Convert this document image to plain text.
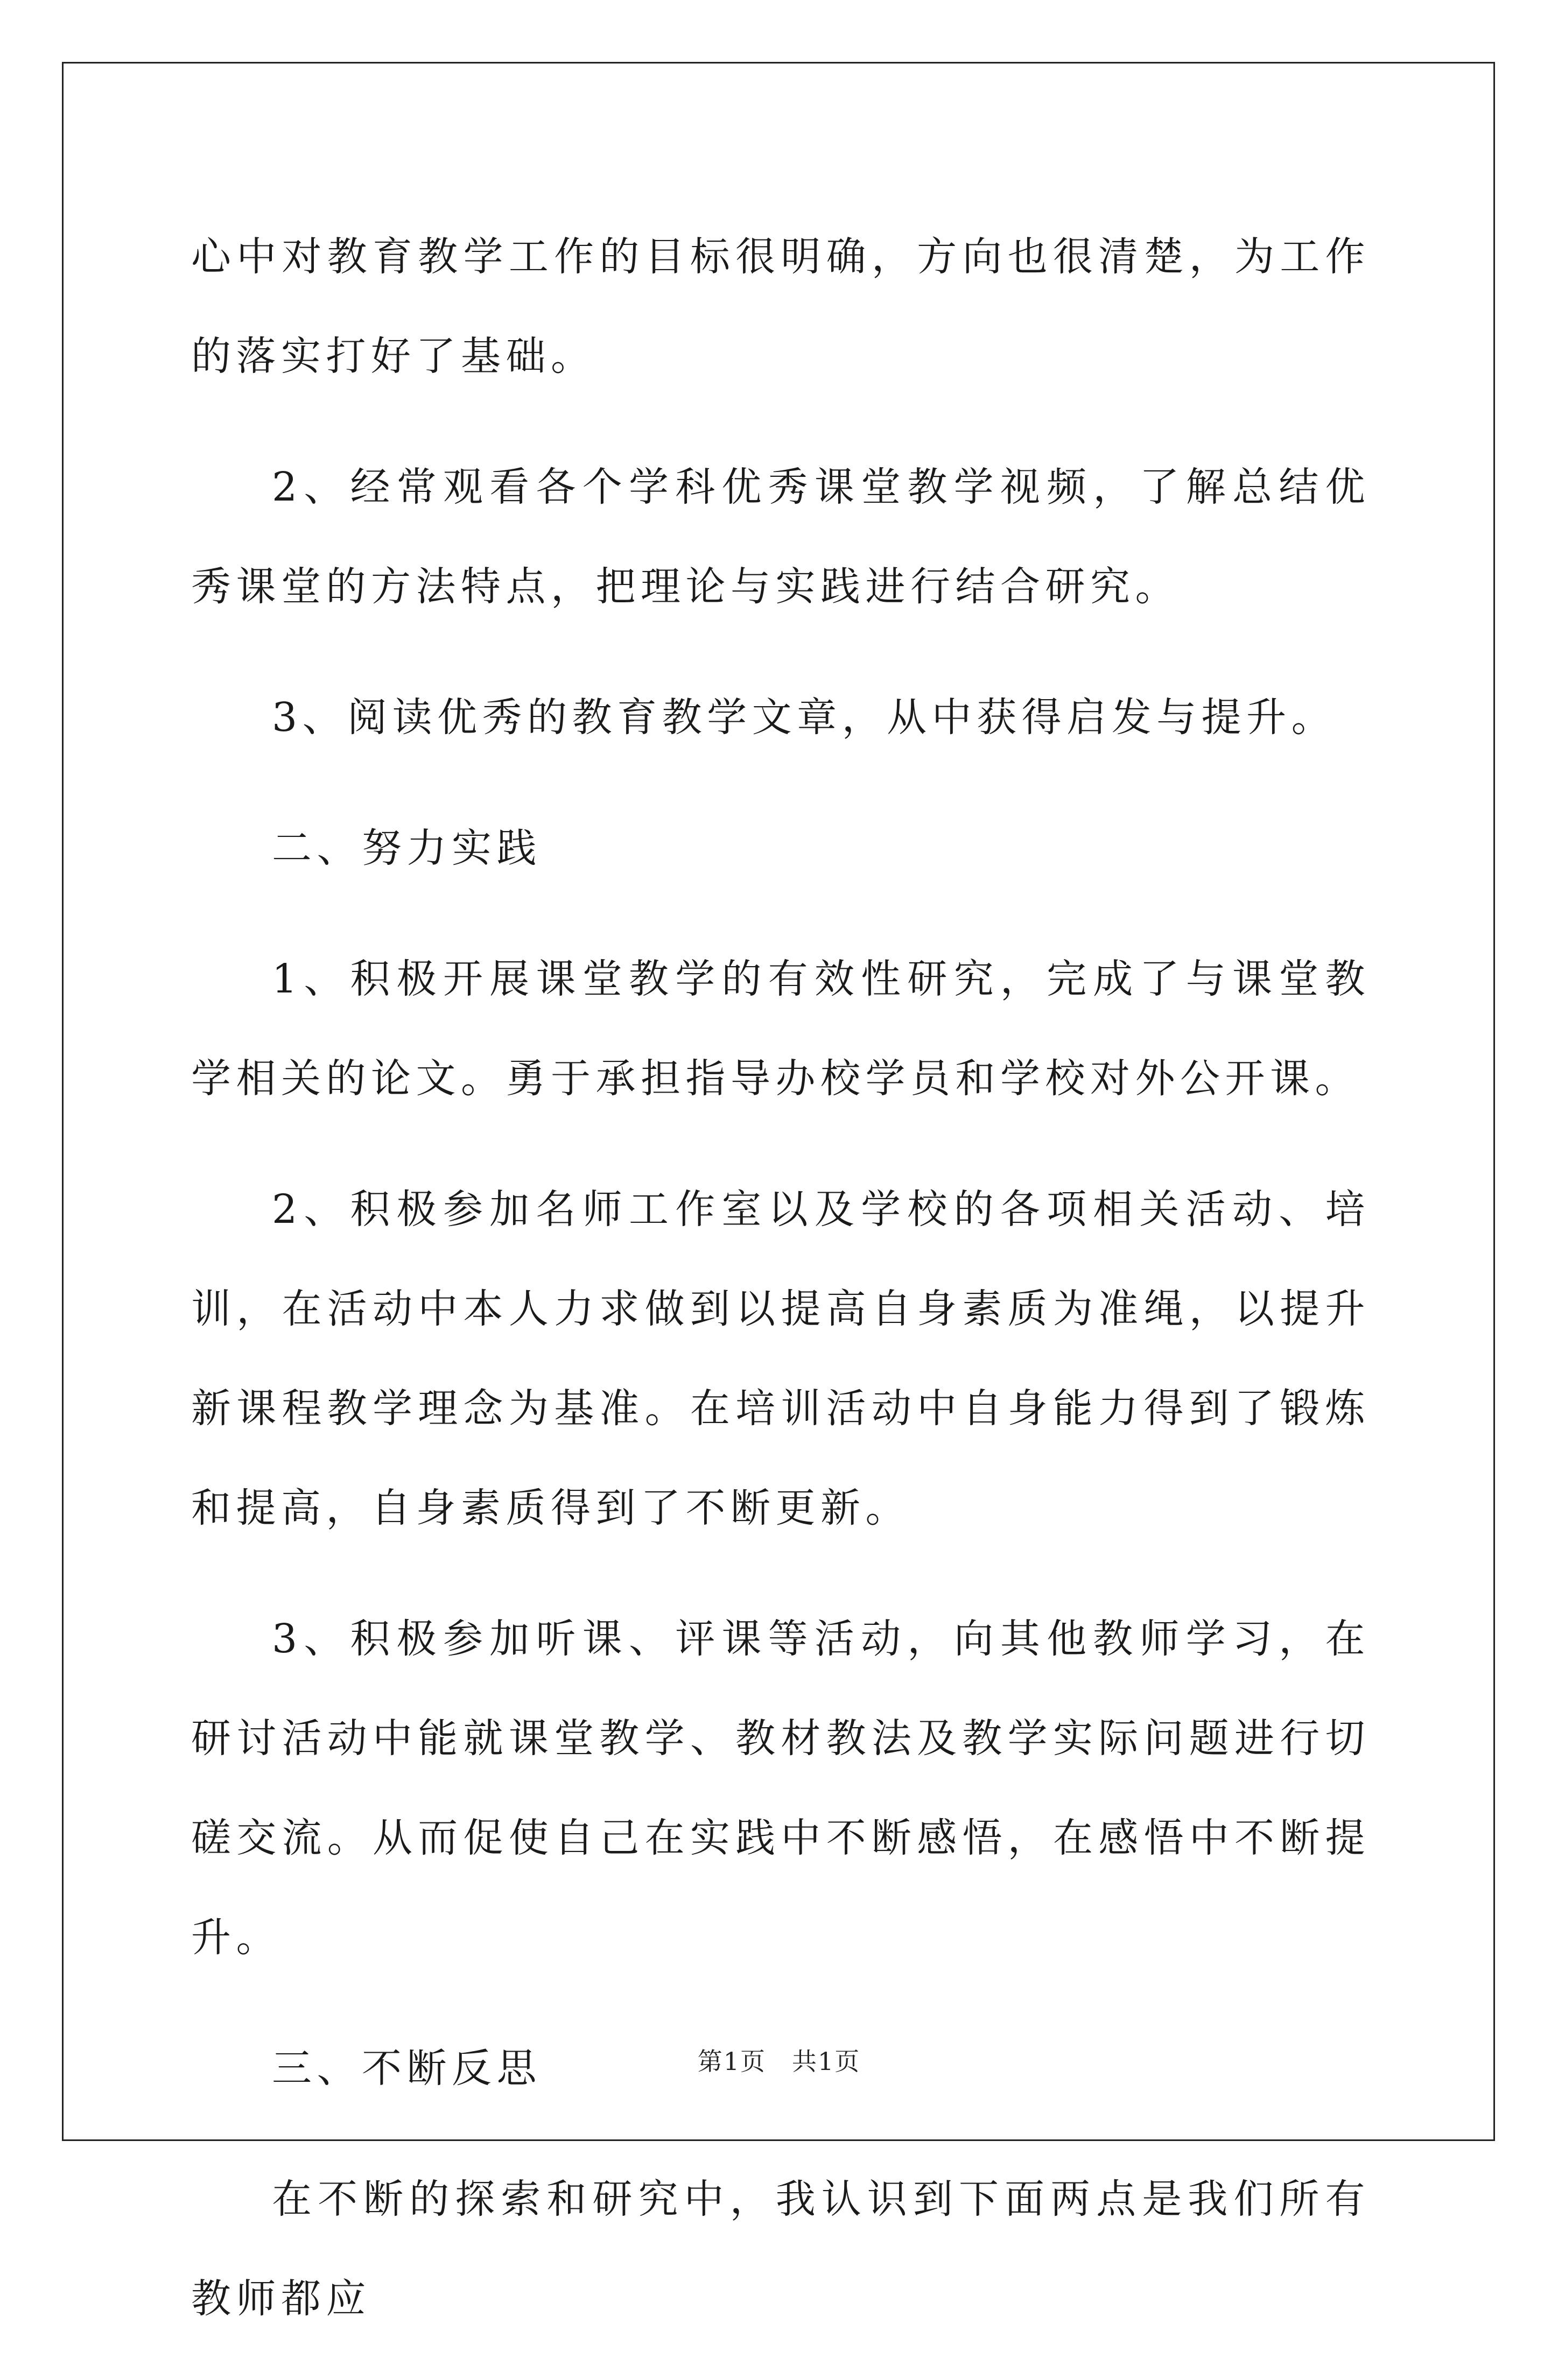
心中对教育教学工作的目标很明确，方向也很清楚，为工作的落实打好了基础。

2、经常观看各个学科优秀课堂教学视频，了解总结优秀课堂的方法特点，把理论与实践进行结合研究。

3、阅读优秀的教育教学文章，从中获得启发与提升。

二、努力实践

1、积极开展课堂教学的有效性研究，完成了与课堂教学相关的论文。勇于承担指导办校学员和学校对外公开课。

2、积极参加名师工作室以及学校的各项相关活动、培训，在活动中本人力求做到以提高自身素质为准绳，以提升新课程教学理念为基准。在培训活动中自身能力得到了锻炼和提高，自身素质得到了不断更新。

3、积极参加听课、评课等活动，向其他教师学习，在研讨活动中能就课堂教学、教材教法及教学实际问题进行切磋交流。从而促使自己在实践中不断感悟，在感悟中不断提升。

三、不断反思

在不断的探索和研究中，我认识到下面两点是我们所有教师都应

第1页　共1页
